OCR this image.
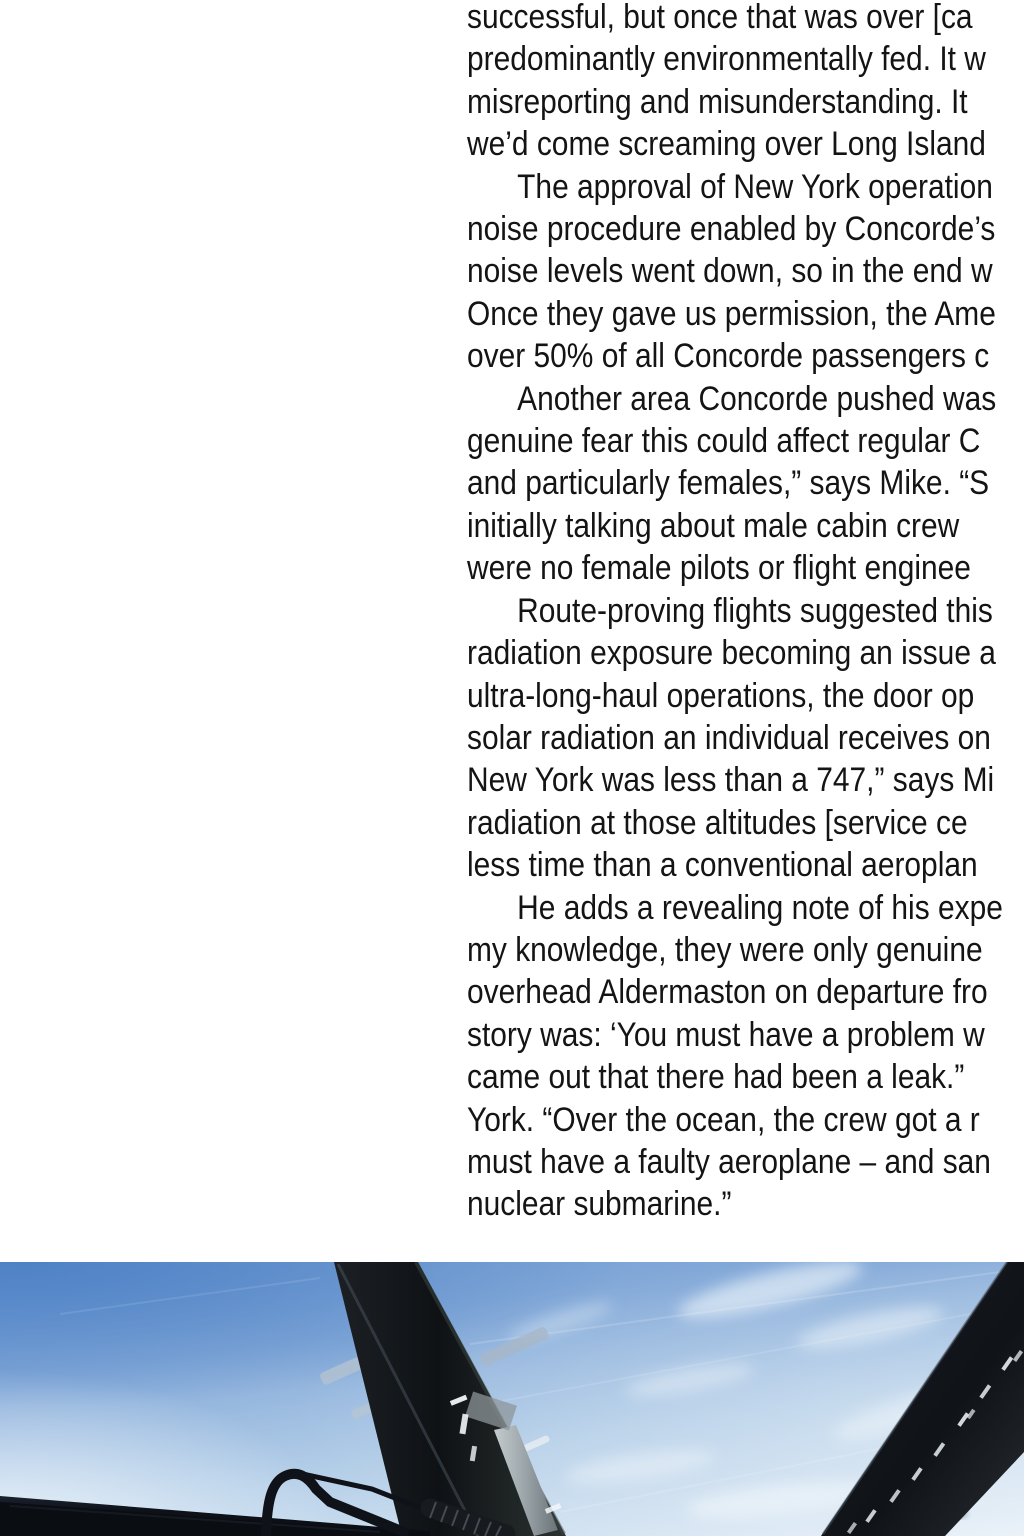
successful, but once that was over [ca
predominantly environmentally fed. It w
misreporting and misunderstanding. It
we’d come screaming over Long Island
The approval of New York operation
noise procedure enabled by Concorde’s
noise levels went down, so in the end w
Once they gave us permission, the Ame
over 50% of all Concorde passengers c
Another area Concorde pushed was
genuine fear this could affect regular C
and particularly females,” says Mike. “S
initially talking about male cabin crew
were no female pilots or flight enginee
Route-proving flights suggested this
radiation exposure becoming an issue a
ultra-long-haul operations, the door op
solar radiation an individual receives on
New York was less than a 747,” says Mi
radiation at those altitudes [service ce
less time than a conventional aeroplan
He adds a revealing note of his expe
my knowledge, they were only genuine
overhead Aldermaston on departure fro
story was: ‘You must have a problem w
came out that there had been a leak.”
York. “Over the ocean, the crew got a r
must have a faulty aeroplane – and san
nuclear submarine.”
